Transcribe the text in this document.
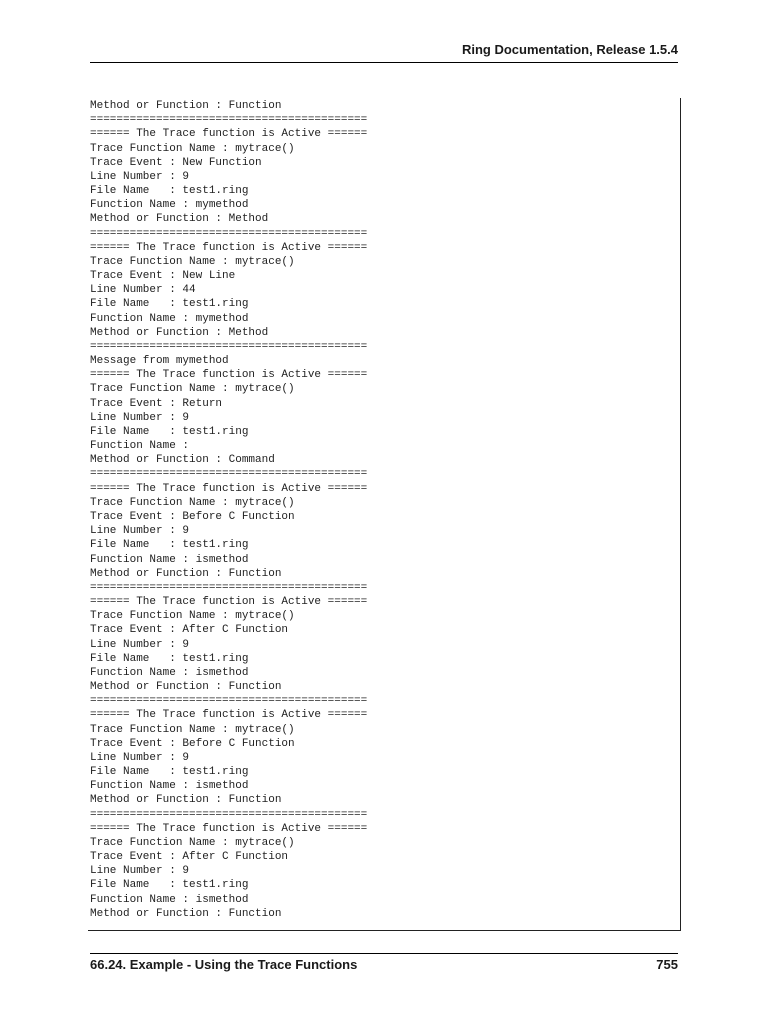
Ring Documentation, Release 1.5.4
Method or Function : Function
==========================================
====== The Trace function is Active ======
Trace Function Name : mytrace()
Trace Event : New Function
Line Number : 9
File Name   : test1.ring
Function Name : mymethod
Method or Function : Method
==========================================
====== The Trace function is Active ======
Trace Function Name : mytrace()
Trace Event : New Line
Line Number : 44
File Name   : test1.ring
Function Name : mymethod
Method or Function : Method
==========================================
Message from mymethod
====== The Trace function is Active ======
Trace Function Name : mytrace()
Trace Event : Return
Line Number : 9
File Name   : test1.ring
Function Name :
Method or Function : Command
==========================================
====== The Trace function is Active ======
Trace Function Name : mytrace()
Trace Event : Before C Function
Line Number : 9
File Name   : test1.ring
Function Name : ismethod
Method or Function : Function
==========================================
====== The Trace function is Active ======
Trace Function Name : mytrace()
Trace Event : After C Function
Line Number : 9
File Name   : test1.ring
Function Name : ismethod
Method or Function : Function
==========================================
====== The Trace function is Active ======
Trace Function Name : mytrace()
Trace Event : Before C Function
Line Number : 9
File Name   : test1.ring
Function Name : ismethod
Method or Function : Function
==========================================
====== The Trace function is Active ======
Trace Function Name : mytrace()
Trace Event : After C Function
Line Number : 9
File Name   : test1.ring
Function Name : ismethod
Method or Function : Function
66.24. Example - Using the Trace Functions	755
